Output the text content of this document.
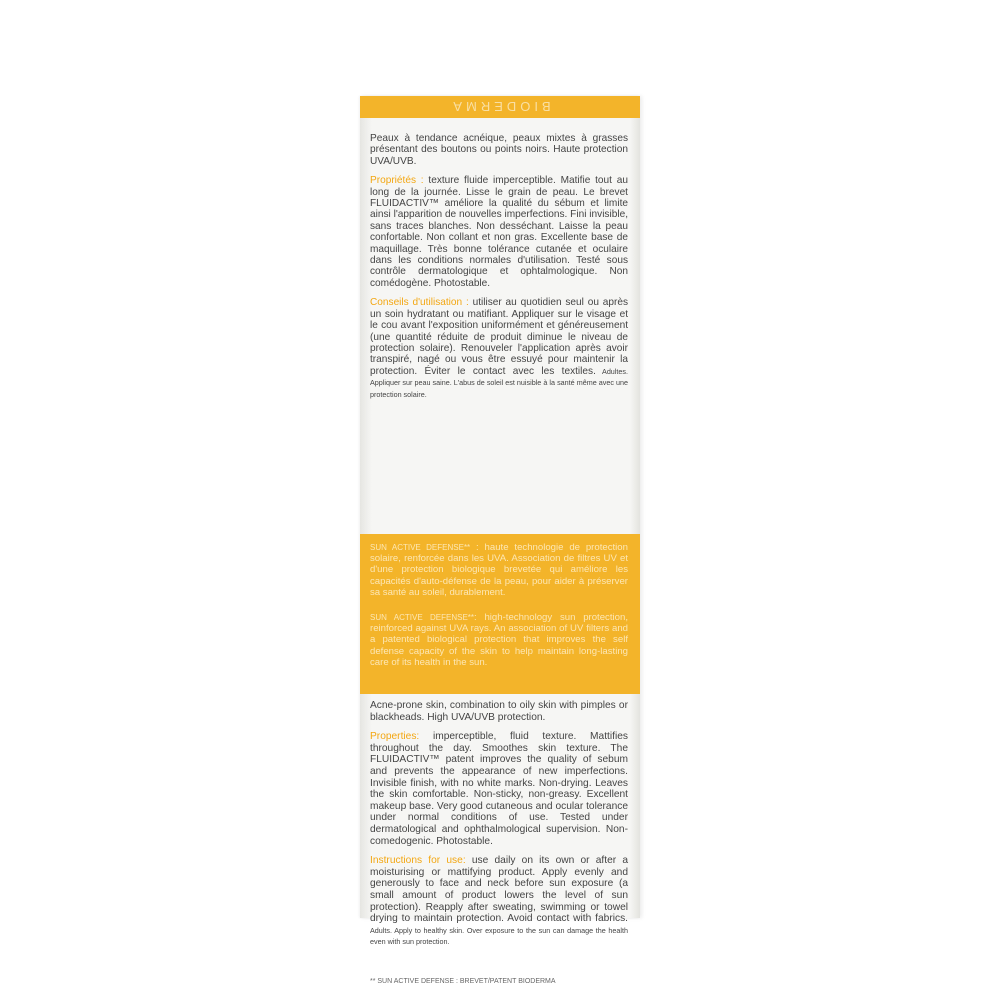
BIODERMA

Peaux à tendance acnéique, peaux mixtes à grasses présentant des boutons ou points noirs. Haute protection UVA/UVB.

Propriétés : texture fluide imperceptible. Matifie tout au long de la journée. Lisse le grain de peau. Le brevet FLUIDACTIV™ améliore la qualité du sébum et limite ainsi l'apparition de nouvelles imperfections. Fini invisible, sans traces blanches. Non desséchant. Laisse la peau confortable. Non collant et non gras. Excellente base de maquillage. Très bonne tolérance cutanée et oculaire dans les conditions normales d'utilisation. Testé sous contrôle dermatologique et ophtalmologique. Non comédogène. Photostable.

Conseils d'utilisation : utiliser au quotidien seul ou après un soin hydratant ou matifiant. Appliquer sur le visage et le cou avant l'exposition uniformément et généreusement (une quantité réduite de produit diminue le niveau de protection solaire). Renouveler l'application après avoir transpiré, nagé ou vous être essuyé pour maintenir la protection. Éviter le contact avec les textiles. Adultes. Appliquer sur peau saine. L'abus de soleil est nuisible à la santé même avec une protection solaire.

SUN ACTIVE DEFENSE** : haute technologie de protection solaire, renforcée dans les UVA. Association de filtres UV et d'une protection biologique brevetée qui améliore les capacités d'auto-défense de la peau, pour aider à préserver sa santé au soleil, durablement.
SUN ACTIVE DEFENSE**: high-technology sun protection, reinforced against UVA rays. An association of UV filters and a patented biological protection that improves the self defense capacity of the skin to help maintain long-lasting care of its health in the sun.

Acne-prone skin, combination to oily skin with pimples or blackheads. High UVA/UVB protection.

Properties: imperceptible, fluid texture. Mattifies throughout the day. Smoothes skin texture. The FLUIDACTIV™ patent improves the quality of sebum and prevents the appearance of new imperfections. Invisible finish, with no white marks. Non-drying. Leaves the skin comfortable. Non-sticky, non-greasy. Excellent makeup base. Very good cutaneous and ocular tolerance under normal conditions of use. Tested under dermatological and ophthalmological supervision. Non-comedogenic. Photostable.

Instructions for use: use daily on its own or after a moisturising or mattifying product. Apply evenly and generously to face and neck before sun exposure (a small amount of product lowers the level of sun protection). Reapply after sweating, swimming or towel drying to maintain protection. Avoid contact with fabrics. Adults. Apply to healthy skin. Over exposure to the sun can damage the health even with sun protection.

** SUN ACTIVE DEFENSE : BREVET/PATENT BIODERMA
